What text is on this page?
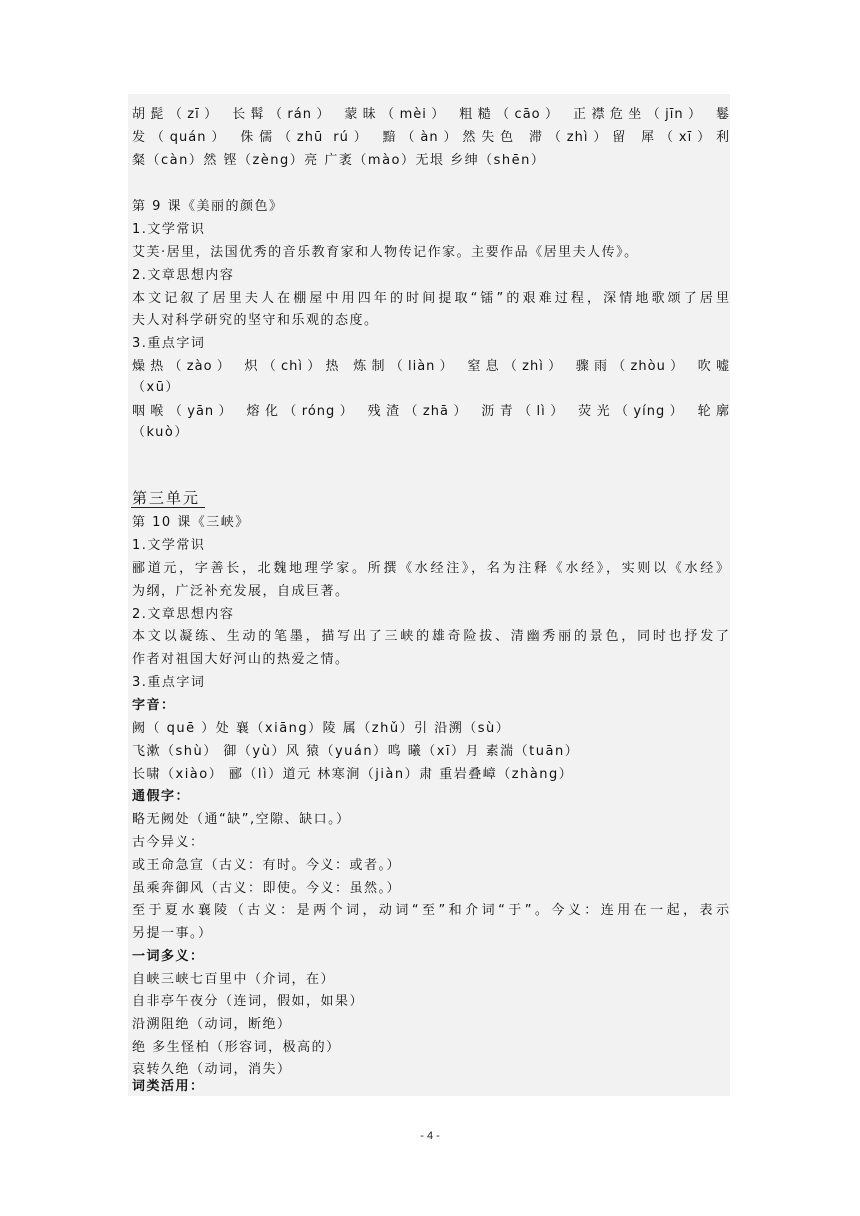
胡髭（zī） 长髯（rán） 蒙昧（mèi） 粗糙（cāo） 正襟危坐（jīn） 鬈
发（quán） 侏儒（zhū rú） 黯（àn）然失色 滞（zhì）留 犀（xī）利
粲（càn）然 铿（zèng）亮 广袤（mào）无垠 乡绅（shēn）
第 9 课《美丽的颜色》
1.文学常识
艾芙·居里，法国优秀的音乐教育家和人物传记作家。主要作品《居里夫人传》。
2.文章思想内容
本文记叙了居里夫人在棚屋中用四年的时间提取“镭”的艰难过程，深情地歌颂了居里
夫人对科学研究的坚守和乐观的态度。
3.重点字词
燥热（zào） 炽（chì）热 炼制（liàn） 窒息（zhì） 骤雨（zhòu） 吹嘘
（xū）
咽喉（yān） 熔化（róng） 残渣（zhā） 沥青（lì） 荧光（yíng） 轮廓
（kuò）
第三单元
第 10 课《三峡》
1.文学常识
郦道元，字善长，北魏地理学家。所撰《水经注》，名为注释《水经》，实则以《水经》
为纲，广泛补充发展，自成巨著。
2.文章思想内容
本文以凝练、生动的笔墨，描写出了三峡的雄奇险拔、清幽秀丽的景色，同时也抒发了
作者对祖国大好河山的热爱之情。
3.重点字词
字音：
阙（ quē ）处 襄（xiāng）陵 属（zhǔ）引 沿溯（sù）
飞漱（shù） 御（yù）风 猿（yuán）鸣 曦（xī）月 素湍（tuān）
长啸（xiào） 郦（lì）道元 林寒涧（jiàn）肃 重岩叠嶂（zhàng）
通假字：
略无阙处（通“缺”,空隙、缺口。）
古今异义：
或王命急宣（古义：有时。今义：或者。）
虽乘奔御风（古义：即使。今义：虽然。）
至于夏水襄陵（古义：是两个词，动词“至”和介词“于”。今义：连用在一起，表示
另提一事。）
一词多义：
自峡三峡七百里中（介词，在）
自非亭午夜分（连词，假如，如果）
沿溯阻绝（动词，断绝）
绝 多生怪柏（形容词，极高的）
哀转久绝（动词，消失）
词类活用：
- 4 -
